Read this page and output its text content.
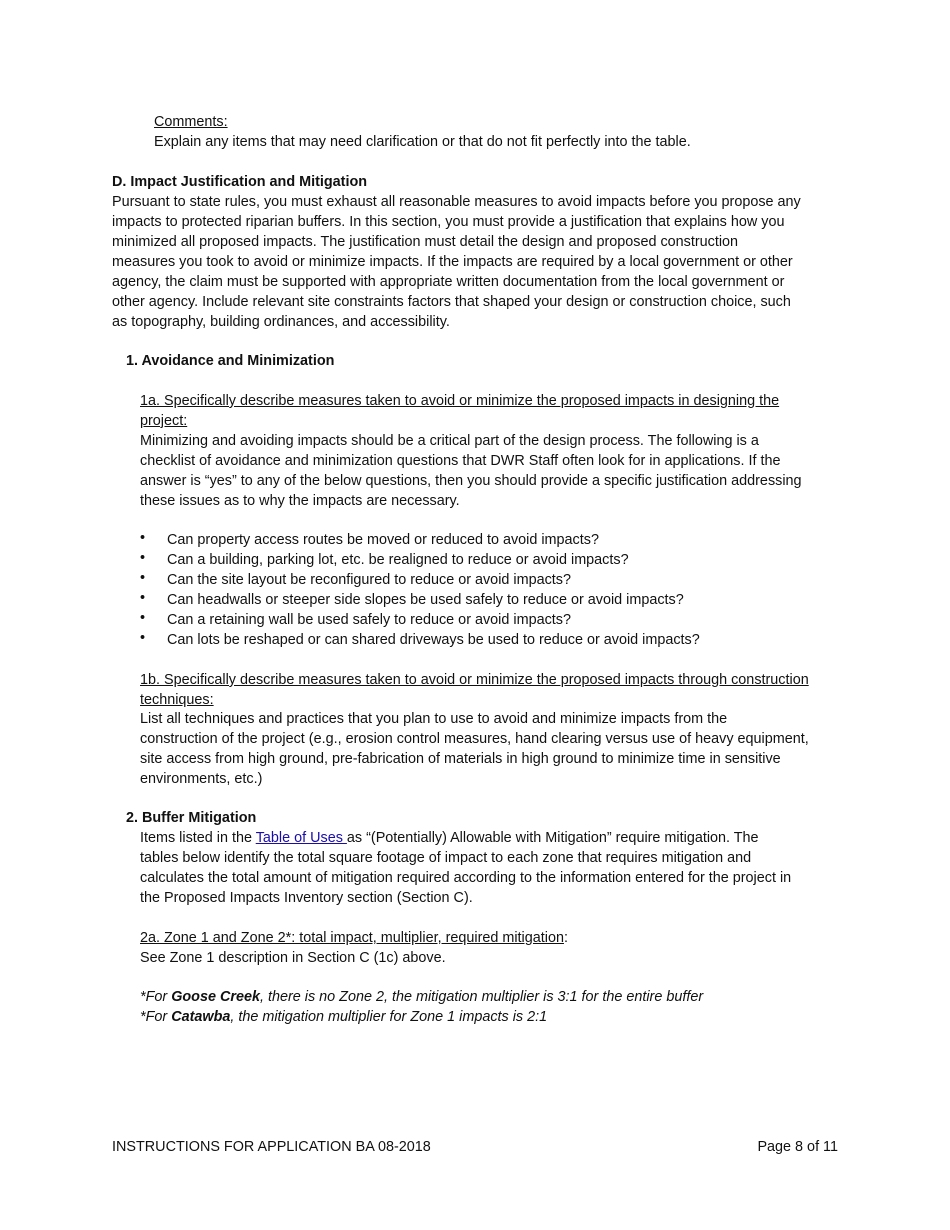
Comments:
Explain any items that may need clarification or that do not fit perfectly into the table.
D. Impact Justification and Mitigation
Pursuant to state rules, you must exhaust all reasonable measures to avoid impacts before you propose any
impacts to protected riparian buffers. In this section, you must provide a justification that explains how you
minimized all proposed impacts. The justification must detail the design and proposed construction
measures you took to avoid or minimize impacts. If the impacts are required by a local government or other
agency, the claim must be supported with appropriate written documentation from the local government or
other agency. Include relevant site constraints factors that shaped your design or construction choice, such
as topography, building ordinances, and accessibility.
1. Avoidance and Minimization
1a. Specifically describe measures taken to avoid or minimize the proposed impacts in designing the
project:
Minimizing and avoiding impacts should be a critical part of the design process. The following is a
checklist of avoidance and minimization questions that DWR Staff often look for in applications. If the
answer is “yes” to any of the below questions, then you should provide a specific justification addressing
these issues as to why the impacts are necessary.
• Can property access routes be moved or reduced to avoid impacts?
• Can a building, parking lot, etc. be realigned to reduce or avoid impacts?
• Can the site layout be reconfigured to reduce or avoid impacts?
• Can headwalls or steeper side slopes be used safely to reduce or avoid impacts?
• Can a retaining wall be used safely to reduce or avoid impacts?
• Can lots be reshaped or can shared driveways be used to reduce or avoid impacts?
1b. Specifically describe measures taken to avoid or minimize the proposed impacts through construction
techniques:
List all techniques and practices that you plan to use to avoid and minimize impacts from the
construction of the project (e.g., erosion control measures, hand clearing versus use of heavy equipment,
site access from high ground, pre-fabrication of materials in high ground to minimize time in sensitive
environments, etc.)
2. Buffer Mitigation
Items listed in the Table of Uses as “(Potentially) Allowable with Mitigation” require mitigation. The
tables below identify the total square footage of impact to each zone that requires mitigation and
calculates the total amount of mitigation required according to the information entered for the project in
the Proposed Impacts Inventory section (Section C).
2a. Zone 1 and Zone 2*: total impact, multiplier, required mitigation:
See Zone 1 description in Section C (1c) above.
*For Goose Creek, there is no Zone 2, the mitigation multiplier is 3:1 for the entire buffer
*For Catawba, the mitigation multiplier for Zone 1 impacts is 2:1
INSTRUCTIONS FOR APPLICATION BA 08-2018	Page 8 of 11
